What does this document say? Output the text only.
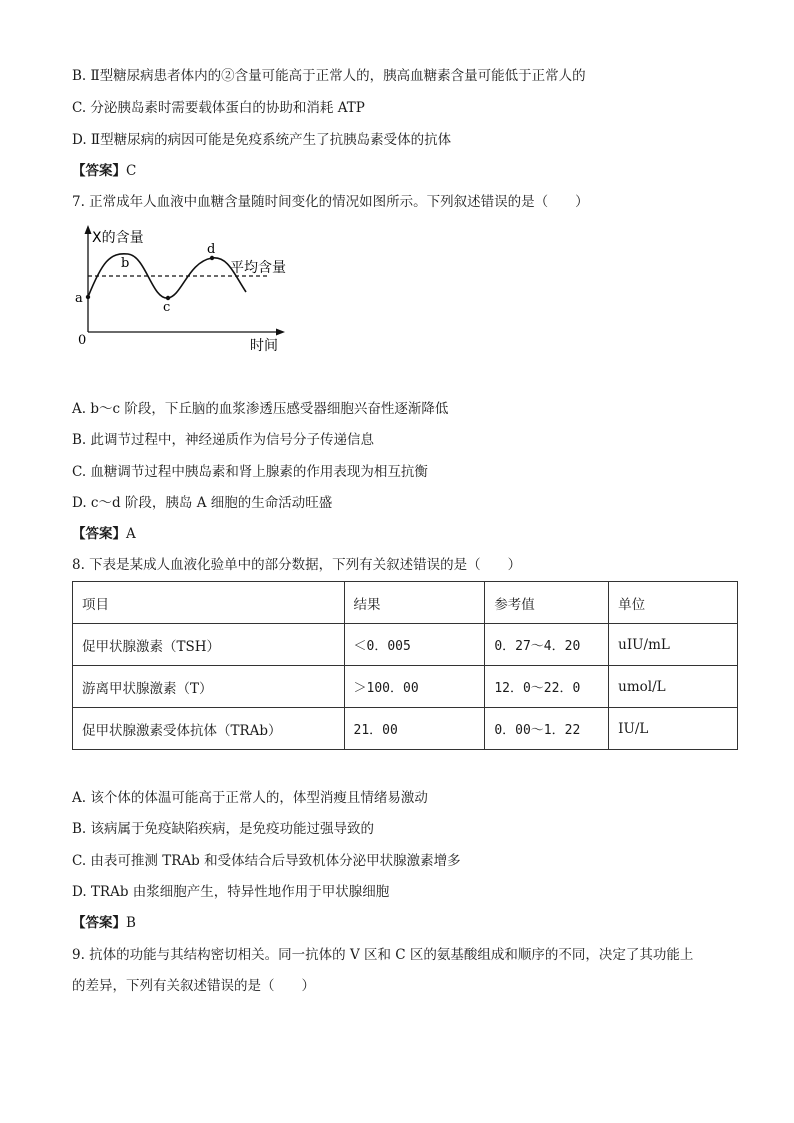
B. Ⅱ型糖尿病患者体内的②含量可能高于正常人的，胰高血糖素含量可能低于正常人的
C. 分泌胰岛素时需要载体蛋白的协助和消耗 ATP
D. Ⅱ型糖尿病的病因可能是免疫系统产生了抗胰岛素受体的抗体
【答案】C
7. 正常成年人血液中血糖含量随时间变化的情况如图所示。下列叙述错误的是（　　）
X的含量
时间
0
平均含量
a
b
c
d
A. b～c 阶段，下丘脑的血浆渗透压感受器细胞兴奋性逐渐降低
B. 此调节过程中，神经递质作为信号分子传递信息
C. 血糖调节过程中胰岛素和肾上腺素的作用表现为相互抗衡
D. c～d 阶段，胰岛 A 细胞的生命活动旺盛
【答案】A
8. 下表是某成人血液化验单中的部分数据，下列有关叙述错误的是（　　）
项目	结果	参考值	单位
促甲状腺激素（TSH）	＜0．005	0．27～4．20	uIU/mL
游离甲状腺激素（T）	＞100．00	12．0～22．0	umol/L
促甲状腺激素受体抗体（TRAb）	21．00	0．00～1．22	IU/L
A. 该个体的体温可能高于正常人的，体型消瘦且情绪易激动
B. 该病属于免疫缺陷疾病，是免疫功能过强导致的
C. 由表可推测 TRAb 和受体结合后导致机体分泌甲状腺激素增多
D. TRAb 由浆细胞产生，特异性地作用于甲状腺细胞
【答案】B
9. 抗体的功能与其结构密切相关。同一抗体的 V 区和 C 区的氨基酸组成和顺序的不同，决定了其功能上
的差异，下列有关叙述错误的是（　　）
